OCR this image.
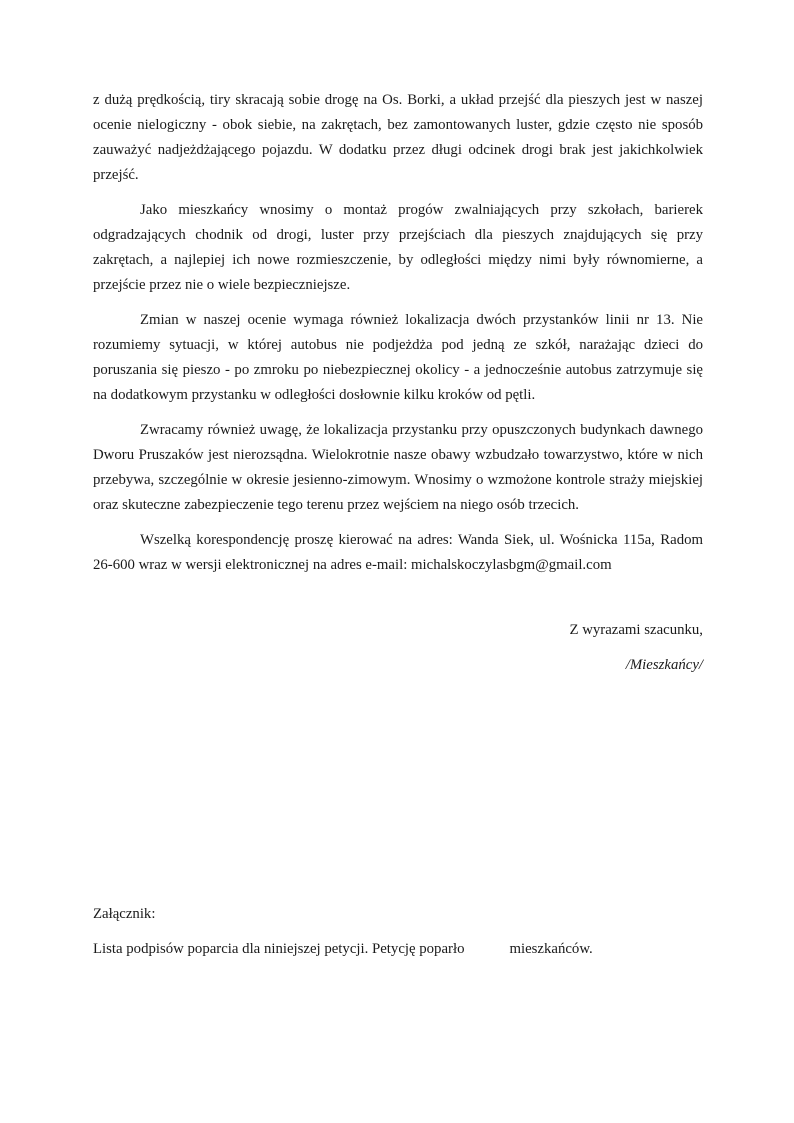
z dużą prędkością, tiry skracają sobie drogę na Os. Borki, a układ przejść dla pieszych jest w naszej ocenie nielogiczny - obok siebie, na zakrętach, bez zamontowanych luster, gdzie często nie sposób zauważyć nadjeżdżającego pojazdu. W dodatku przez długi odcinek drogi brak jest jakichkolwiek przejść.

Jako mieszkańcy wnosimy o montaż progów zwalniających przy szkołach, barierek odgradzających chodnik od drogi, luster przy przejściach dla pieszych znajdujących się przy zakrętach, a najlepiej ich nowe rozmieszczenie, by odległości między nimi były równomierne, a przejście przez nie o wiele bezpieczniejsze.

Zmian w naszej ocenie wymaga również lokalizacja dwóch przystanków linii nr 13. Nie rozumiemy sytuacji, w której autobus nie podjeżdża pod jedną ze szkół, narażając dzieci do poruszania się pieszo - po zmroku po niebezpiecznej okolicy - a jednocześnie autobus zatrzymuje się na dodatkowym przystanku w odległości dosłownie kilku kroków od pętli.

Zwracamy również uwagę, że lokalizacja przystanku przy opuszczonych budynkach dawnego Dworu Pruszaków jest nierozsądna. Wielokrotnie nasze obawy wzbudzało towarzystwo, które w nich przebywa, szczególnie w okresie jesienno-zimowym. Wnosimy o wzmożone kontrole straży miejskiej oraz skuteczne zabezpieczenie tego terenu przez wejściem na niego osób trzecich.

Wszelką korespondencję proszę kierować na adres: Wanda Siek, ul. Wośnicka 115a, Radom 26-600 wraz w wersji elektronicznej na adres e-mail: michalskoczylasbgm@gmail.com

Z wyrazami szacunku,

/Mieszkańcy/

Załącznik:

Lista podpisów poparcia dla niniejszej petycji. Petycję poparło	mieszkańców.
